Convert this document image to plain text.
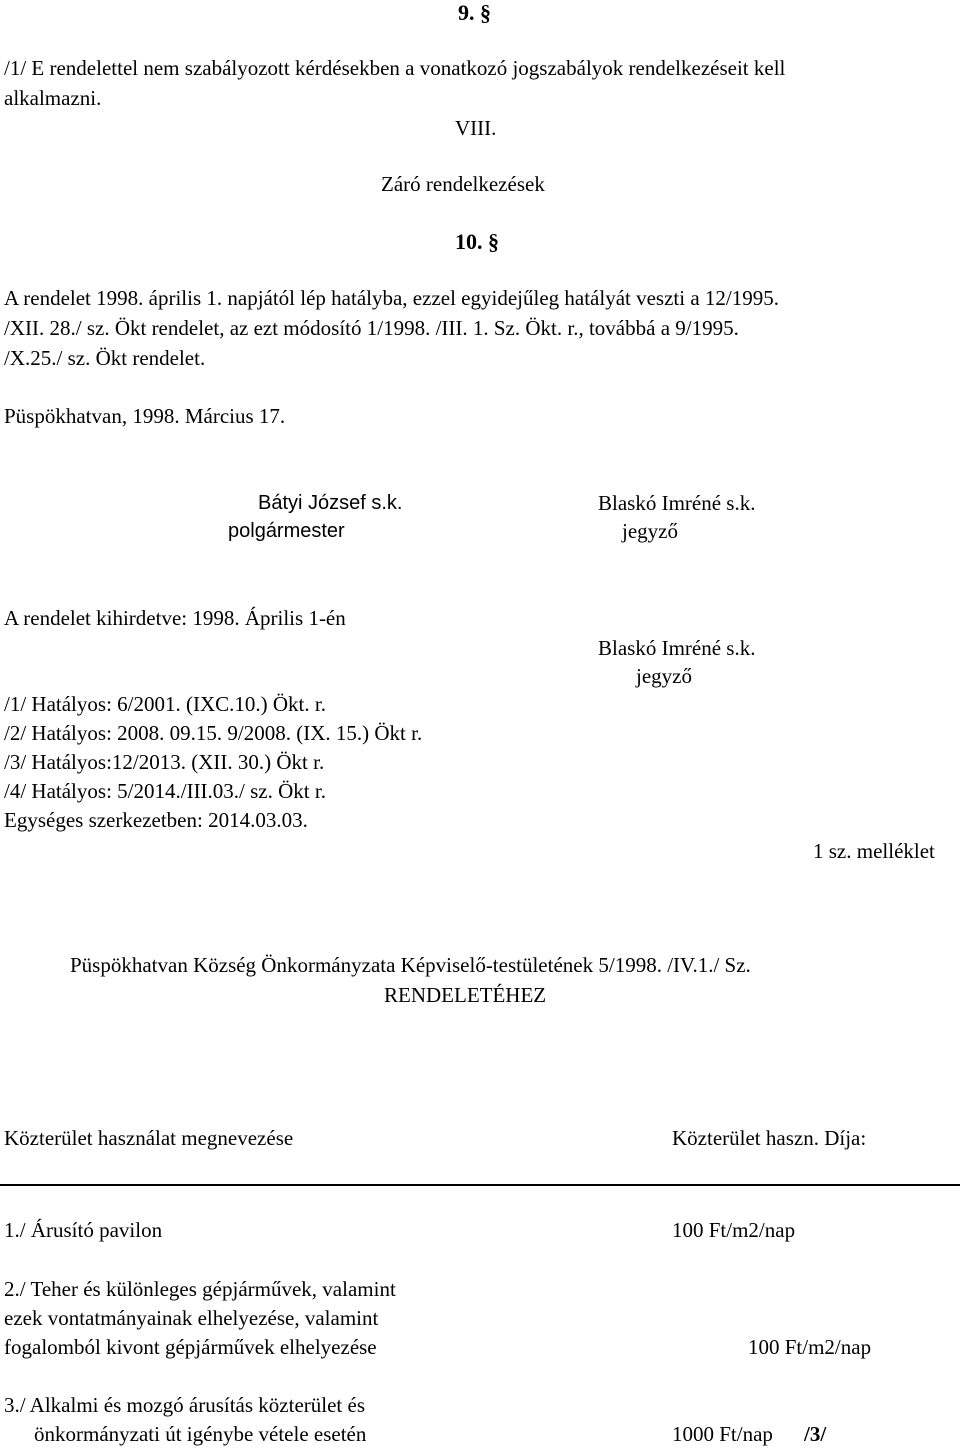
9. §
/1/ E rendelettel nem szabályozott kérdésekben a vonatkozó jogszabályok rendelkezéseit kell
alkalmazni.
VIII.
Záró rendelkezések
10. §
A rendelet 1998. április 1. napjától lép hatályba, ezzel egyidejűleg hatályát veszti a 12/1995.
/XII. 28./ sz. Ökt rendelet, az ezt módosító 1/1998. /III. 1. Sz. Ökt. r., továbbá a 9/1995.
/X.25./ sz. Ökt rendelet.
Püspökhatvan, 1998. Március 17.
Bátyi József s.k.
polgármester
Blaskó Imréné s.k.
jegyző
A rendelet kihirdetve: 1998. Április 1-én
Blaskó Imréné s.k.
jegyző
/1/ Hatályos: 6/2001. (IXC.10.) Ökt. r.
/2/ Hatályos: 2008. 09.15. 9/2008. (IX. 15.) Ökt r.
/3/ Hatályos:12/2013. (XII. 30.) Ökt r.
/4/ Hatályos: 5/2014./III.03./ sz. Ökt r.
Egységes szerkezetben: 2014.03.03.
1 sz. melléklet
Püspökhatvan Község Önkormányzata Képviselő-testületének 5/1998. /IV.1./ Sz.
RENDELETÉHEZ
Közterület használat megnevezése	Közterület haszn. Díja:
1./ Árusító pavilon	100 Ft/m2/nap
2./ Teher és különleges gépjárművek, valamint
ezek vontatmányainak elhelyezése, valamint
fogalomból kivont gépjárművek elhelyezése	100 Ft/m2/nap
3./ Alkalmi és mozgó árusítás közterület és
önkormányzati út igénybe vétele esetén	1000 Ft/nap /3/
